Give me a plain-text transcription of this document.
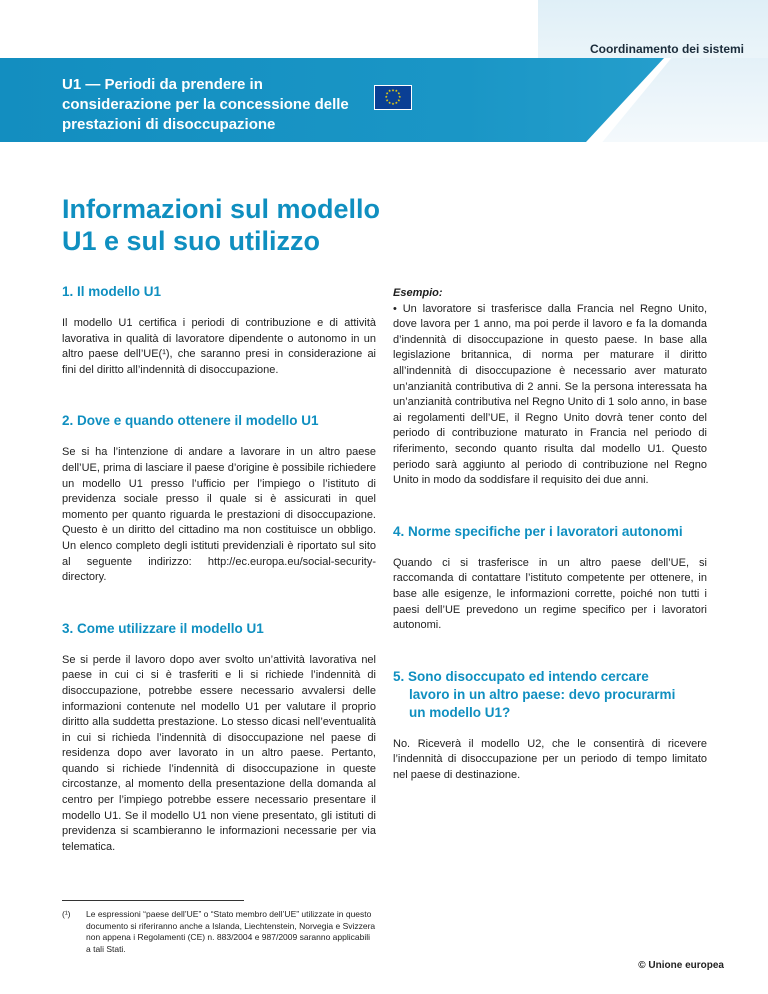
Coordinamento dei sistemi
U1 — Periodi da prendere in considerazione per la concessione delle prestazioni di disoccupazione
★ ★
★
★
★
★
★
★
★
★
★
★
Informazioni sul modello
U1 e sul suo utilizzo
1. Il modello U1

Il modello U1 certifica i periodi di contribuzione e di attività lavorativa in qualità di lavoratore dipendente o autonomo in un altro paese dell’UE(¹), che saranno presi in considerazione ai fini del diritto all’indennità di disoccupazione.

2. Dove e quando ottenere il modello U1

Se si ha l’intenzione di andare a lavorare in un altro paese dell’UE, prima di lasciare il paese d’origine è possibile richiedere un modello U1 presso l’ufficio per l’impiego o l’istituto di previdenza sociale presso il quale si è assicurati in quel momento per quanto riguarda le prestazioni di disoccupazione. Questo è un diritto del cittadino ma non costituisce un obbligo. Un elenco completo degli istituti previdenziali è riportato sul sito al seguente indirizzo: http://ec.europa.eu/social-security-directory.

3. Come utilizzare il modello U1

Se si perde il lavoro dopo aver svolto un’attività lavorativa nel paese in cui ci si è trasferiti e li si richiede l’indennità di disoccupazione, potrebbe essere necessario avvalersi delle informazioni contenute nel modello U1 per valutare il proprio diritto alla suddetta prestazione. Lo stesso dicasi nell’eventualità in cui si richieda l’indennità di disoccupazione nel paese di residenza dopo aver lavorato in un altro paese. Pertanto, quando si richiede l’indennità di disoccupazione in queste circostanze, al momento della presentazione della domanda al centro per l’impiego potrebbe essere necessario presentare il modello U1. Se il modello U1 non viene presentato, gli istituti di previdenza si scambieranno le informazioni necessarie per via telematica.

Esempio:

• Un lavoratore si trasferisce dalla Francia nel Regno Unito, dove lavora per 1 anno, ma poi perde il lavoro e fa la domanda d’indennità di disoccupazione in questo paese. In base alla legislazione britannica, di norma per maturare il diritto all’indennità di disoccupazione è necessario aver maturato un’anzianità contributiva di 2 anni. Se la persona interessata ha un’anzianità contributiva nel Regno Unito di 1 solo anno, in base ai regolamenti dell’UE, il Regno Unito dovrà tener conto del periodo di contribuzione maturato in Francia nel periodo di riferimento, secondo quanto risulta dal modello U1. Questo periodo sarà aggiunto al periodo di contribuzione nel Regno Unito in modo da soddisfare il requisito dei due anni.

4. Norme specifiche per i lavoratori autonomi

Quando ci si trasferisce in un altro paese dell’UE, si raccomanda di contattare l’istituto competente per ottenere, in base alle esigenze, le informazioni corrette, poiché non tutti i paesi dell’UE prevedono un regime specifico per i lavoratori autonomi.

5. Sono disoccupato ed intendo cercare
lavoro in un altro paese: devo procurarmi
un modello U1?

No. Riceverà il modello U2, che le consentirà di ricevere l’indennità di disoccupazione per un periodo di tempo limitato nel paese di destinazione.

(¹) Le espressioni “paese dell’UE” o “Stato membro dell’UE” utilizzate in questo documento si riferiranno anche a Islanda, Liechtenstein, Norvegia e Svizzera non appena i Regolamenti (CE) n. 883/2004 e 987/2009 saranno applicabili a tali Stati.
© Unione europea
